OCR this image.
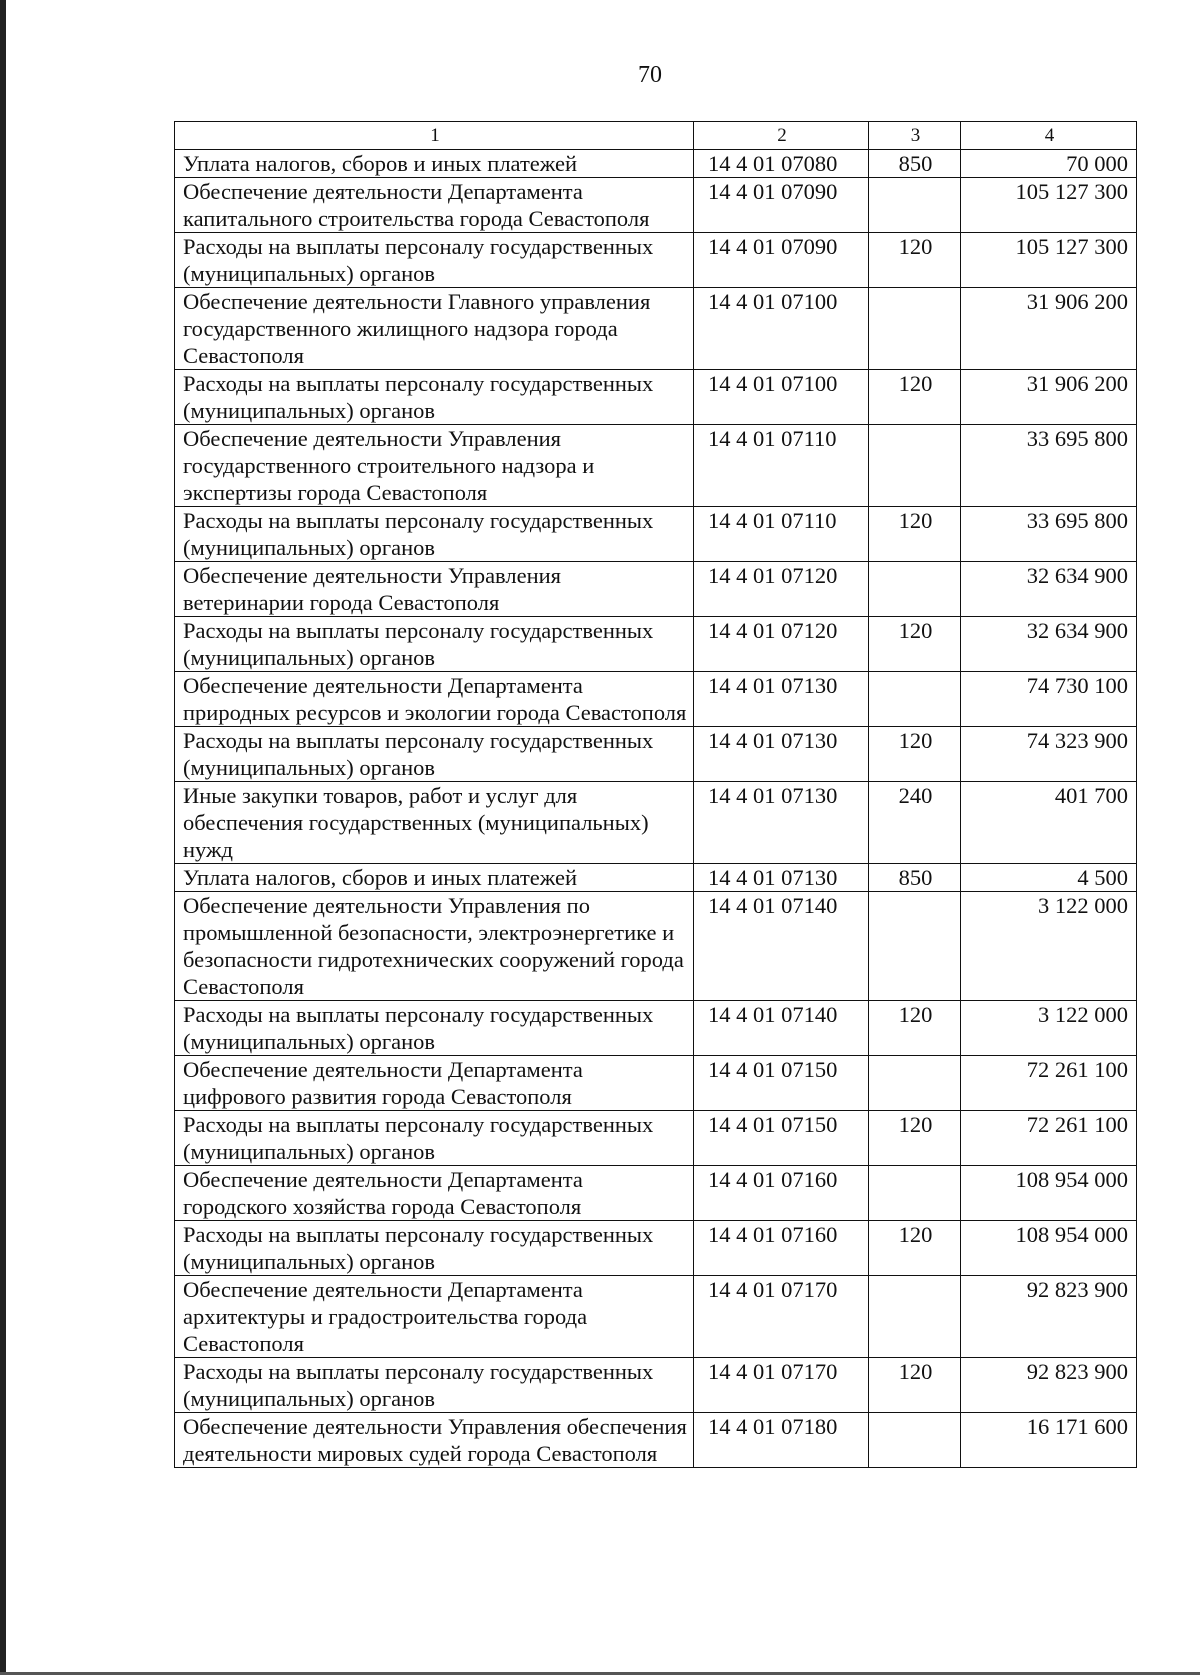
70
1	2	3	4
Уплата налогов, сборов и иных платежей	14 4 01 07080	850	70 000
Обеспечение деятельности Департамента капитального строительства города Севастополя	14 4 01 07090		105 127 300
Расходы на выплаты персоналу государственных (муниципальных) органов	14 4 01 07090	120	105 127 300
Обеспечение деятельности Главного управления государственного жилищного надзора города Севастополя	14 4 01 07100		31 906 200
Расходы на выплаты персоналу государственных (муниципальных) органов	14 4 01 07100	120	31 906 200
Обеспечение деятельности Управления государственного строительного надзора и экспертизы города Севастополя	14 4 01 07110		33 695 800
Расходы на выплаты персоналу государственных (муниципальных) органов	14 4 01 07110	120	33 695 800
Обеспечение деятельности Управления ветеринарии города Севастополя	14 4 01 07120		32 634 900
Расходы на выплаты персоналу государственных (муниципальных) органов	14 4 01 07120	120	32 634 900
Обеспечение деятельности Департамента природных ресурсов и экологии города Севастополя	14 4 01 07130		74 730 100
Расходы на выплаты персоналу государственных (муниципальных) органов	14 4 01 07130	120	74 323 900
Иные закупки товаров, работ и услуг для обеспечения государственных (муниципальных) нужд	14 4 01 07130	240	401 700
Уплата налогов, сборов и иных платежей	14 4 01 07130	850	4 500
Обеспечение деятельности Управления по промышленной безопасности, электроэнергетике и безопасности гидротехнических сооружений города Севастополя	14 4 01 07140		3 122 000
Расходы на выплаты персоналу государственных (муниципальных) органов	14 4 01 07140	120	3 122 000
Обеспечение деятельности Департамента цифрового развития города Севастополя	14 4 01 07150		72 261 100
Расходы на выплаты персоналу государственных (муниципальных) органов	14 4 01 07150	120	72 261 100
Обеспечение деятельности Департамента городского хозяйства города Севастополя	14 4 01 07160		108 954 000
Расходы на выплаты персоналу государственных (муниципальных) органов	14 4 01 07160	120	108 954 000
Обеспечение деятельности Департамента архитектуры и градостроительства города Севастополя	14 4 01 07170		92 823 900
Расходы на выплаты персоналу государственных (муниципальных) органов	14 4 01 07170	120	92 823 900
Обеспечение деятельности Управления обеспечения деятельности мировых судей города Севастополя	14 4 01 07180		16 171 600
